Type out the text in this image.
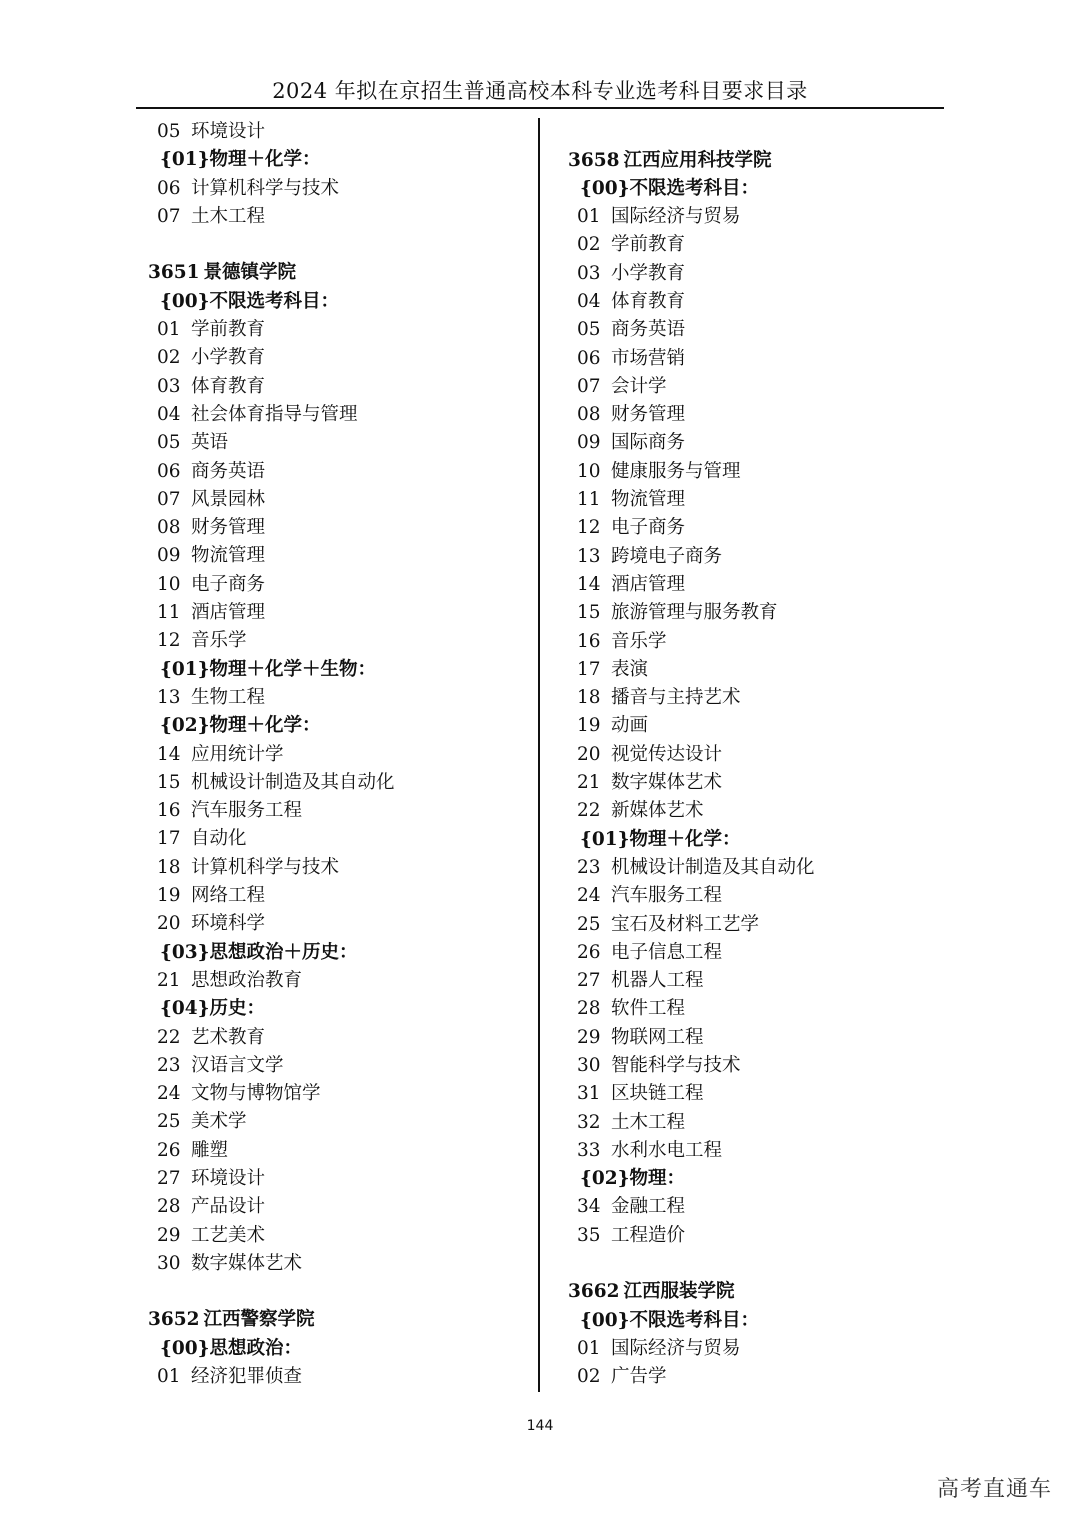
2024 年拟在京招生普通高校本科专业选考科目要求目录
05 环境设计
{01}物理＋化学：
06 计算机科学与技术
07 土木工程
3651 景德镇学院
{00}不限选考科目：
01 学前教育
02 小学教育
03 体育教育
04 社会体育指导与管理
05 英语
06 商务英语
07 风景园林
08 财务管理
09 物流管理
10 电子商务
11 酒店管理
12 音乐学
{01}物理＋化学＋生物：
13 生物工程
{02}物理＋化学：
14 应用统计学
15 机械设计制造及其自动化
16 汽车服务工程
17 自动化
18 计算机科学与技术
19 网络工程
20 环境科学
{03}思想政治＋历史：
21 思想政治教育
{04}历史：
22 艺术教育
23 汉语言文学
24 文物与博物馆学
25 美术学
26 雕塑
27 环境设计
28 产品设计
29 工艺美术
30 数字媒体艺术
3652 江西警察学院
{00}思想政治：
01 经济犯罪侦查
3658 江西应用科技学院
{00}不限选考科目：
01 国际经济与贸易
02 学前教育
03 小学教育
04 体育教育
05 商务英语
06 市场营销
07 会计学
08 财务管理
09 国际商务
10 健康服务与管理
11 物流管理
12 电子商务
13 跨境电子商务
14 酒店管理
15 旅游管理与服务教育
16 音乐学
17 表演
18 播音与主持艺术
19 动画
20 视觉传达设计
21 数字媒体艺术
22 新媒体艺术
{01}物理＋化学：
23 机械设计制造及其自动化
24 汽车服务工程
25 宝石及材料工艺学
26 电子信息工程
27 机器人工程
28 软件工程
29 物联网工程
30 智能科学与技术
31 区块链工程
32 土木工程
33 水利水电工程
{02}物理：
34 金融工程
35 工程造价
3662 江西服装学院
{00}不限选考科目：
01 国际经济与贸易
02 广告学
144
高考直通车
